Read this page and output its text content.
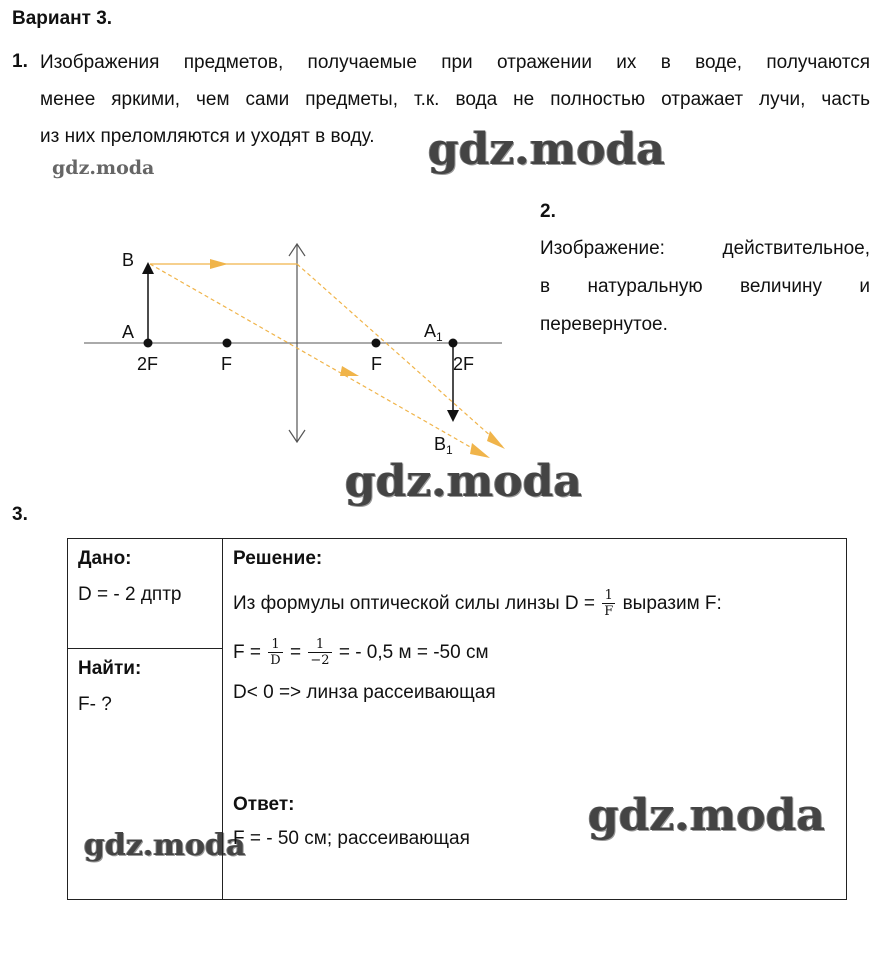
Вариант 3.
1. Изображения предметов, получаемые при отражении их в воде, получаются
менее яркими, чем сами предметы, т.к. вода не полностью отражает лучи, часть
из них преломляются и уходят в воду.
gdz.moda	gdz.moda
gdz.moda
gdz.moda
gdz.moda
2.
Изображение: действительное,
в натуральную величину и
перевернутое.
B
A
2F	F	F	2F
$A_1$
$B_1$
3.
Дано:
D = - 2 дптр

Решение:
Из формулы оптической силы линзы $D = \frac{1}{F}$ выразим F:
$F = \frac{1}{D} = \frac{1}{-2}$ = - 0,5 м = -50 см
D< 0 => линза рассеивающая
Ответ:
F = - 50 см; рассеивающая

Найти:
F- ?
